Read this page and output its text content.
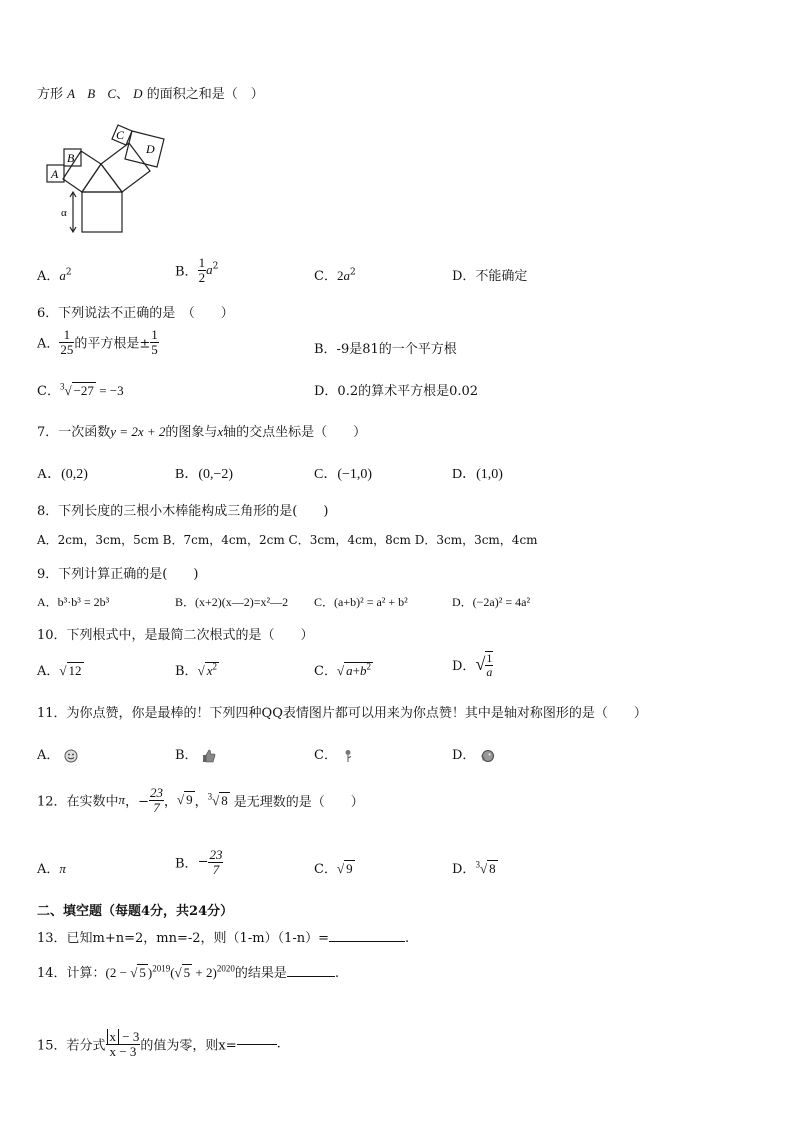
方形 A B C、 D 的面积之和是（　）
A
B
C
D
α
A．$a^2$	B． $\frac{1}{2} a^2$
C．$2a^2$	D．不能确定
6．下列说法不正确的是　（　　）
A． $\frac{1}{25}$ 的平方根是± $\frac{1}{5}$	B．-9是81的一个平方根
C．$^3$√ −27 = −3	D．0.2的算术平方根是0.02
7．一次函数y = 2x + 2的图象与x轴的交点坐标是（　　）
A．(0,2)	B．(0,−2)	C．(−1,0)	D．(1,0)
8．下列长度的三根小木棒能构成三角形的是(　　)
A．2cm，3cm，5cm B．7cm，4cm，2cm C．3cm，4cm，8cm D．3cm，3cm，4cm
9．下列计算正确的是(　　)
A．b³·b³ = 2b³	B．(x+2)(x—2)=x²—2 C．(a+b)² = a² + b²	D．(−2a)² = 4a²
10．下列根式中，是最简二次根式的是（　　）
A．√ 12	B．√ $x^2$	C．√ $a+b^2$	D．√ $\frac{1}{a}$
11．为你点赞，你是最棒的！下列四种QQ表情图片都可以用来为你点赞！其中是轴对称图形的是（　　）
A．	B．	C．	D．
12．在实数中π，− $\frac{23}{7}$ ，√ 9 ，$^3$√ 8 是无理数的是（　　）
A．π	B．− $\frac{23}{7}$	C．√ 9	D．$^3$√ 8
二、填空题（每题4分，共24分）
13．已知m+n=2，mn=-2，则（1-m）（1-n）=	.
14．计算：(2 − √ 5 )$^{2019}$(√ 5 + 2)$^{2020}$的结果是	.
15．若分式 $\frac{x - 3}{x - 3}$ 的值为零，则x=	.
